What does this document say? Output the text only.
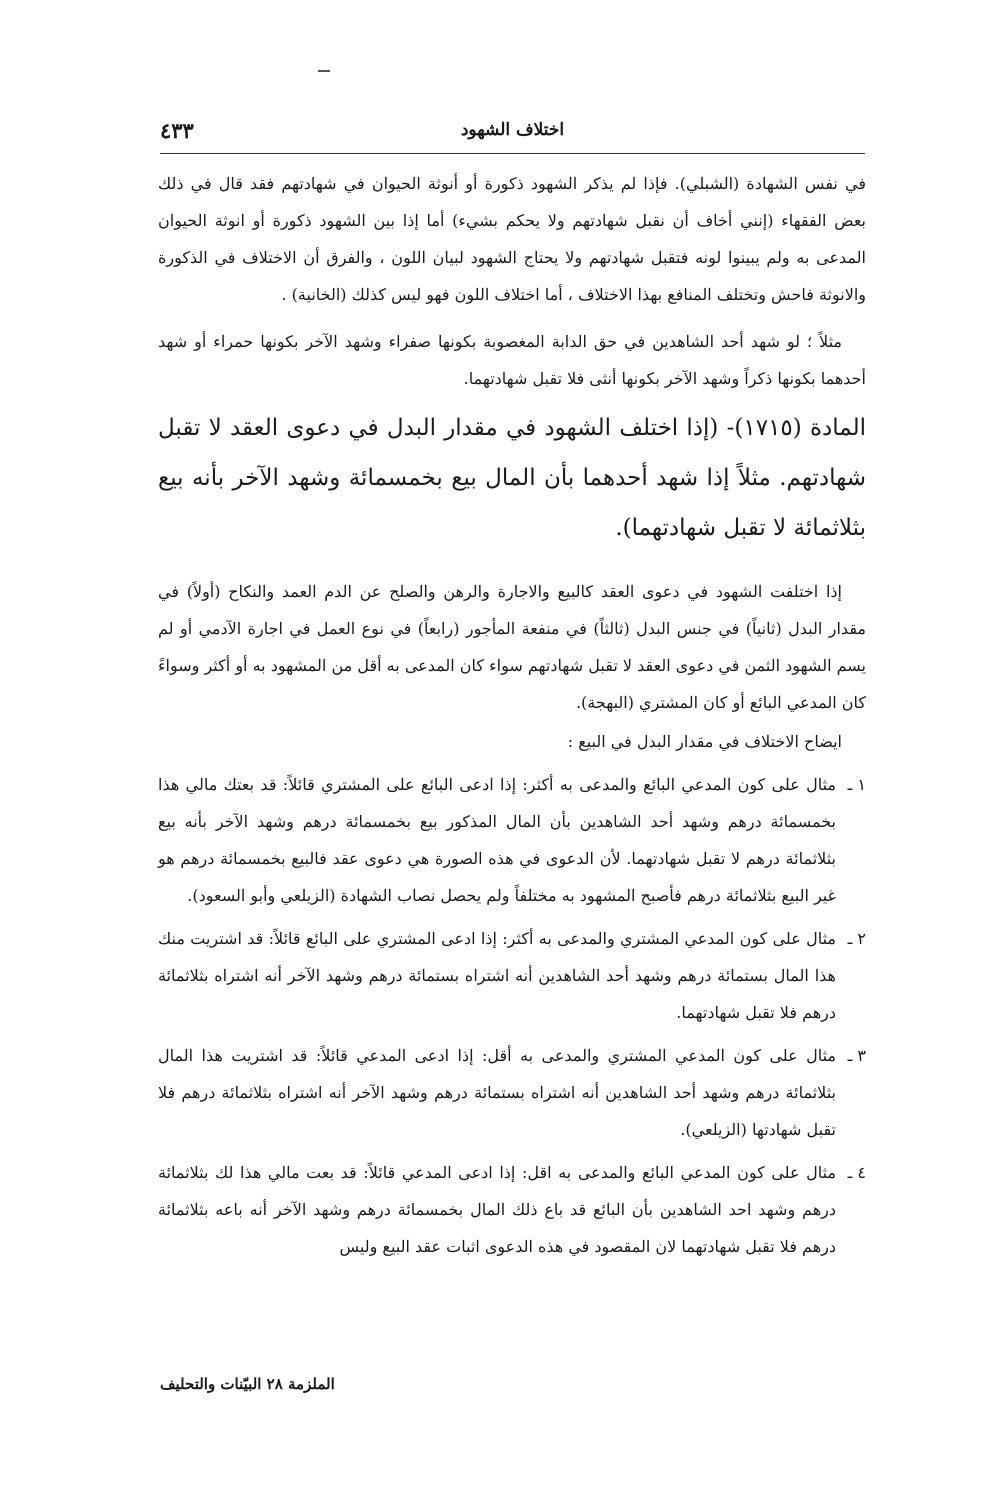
٤٣٣	اختلاف الشهود

في نفس الشهادة (الشبلي). فإذا لم يذكر الشهود ذكورة أو أنوثة الحيوان في شهادتهم فقد قال في ذلك بعض الفقهاء (إنني أخاف أن نقبل شهادتهم ولا يحكم بشيء) أما إذا بين الشهود ذكورة أو انوثة الحيوان المدعى به ولم يبينوا لونه فتقبل شهادتهم ولا يحتاج الشهود لبيان اللون ، والفرق أن الاختلاف في الذكورة والانوثة فاحش وتختلف المنافع بهذا الاختلاف ، أما اختلاف اللون فهو ليس كذلك (الخانية) .

مثلاً ؛ لو شهد أحد الشاهدين في حق الدابة المغصوبة بكونها صفراء وشهد الآخر بكونها حمراء أو شهد أحدهما بكونها ذكراً وشهد الآخر بكونها أنثى فلا تقبل شهادتهما.

المادة (١٧١٥)- (إذا اختلف الشهود في مقدار البدل في دعوى العقد لا تقبل شهادتهم. مثلاً إذا شهد أحدهما بأن المال بيع بخمسمائة وشهد الآخر بأنه بيع بثلاثمائة لا تقبل شهادتهما).

إذا اختلفت الشهود في دعوى العقد كالبيع والاجارة والرهن والصلح عن الدم العمد والنكاح (أولاً) في مقدار البدل (ثانياً) في جنس البدل (ثالثاً) في منفعة المأجور (رابعاً) في نوع العمل في اجارة الآدمي أو لم يسم الشهود الثمن في دعوى العقد لا تقبل شهادتهم سواء كان المدعى به أقل من المشهود به أو أكثر وسواءً كان المدعي البائع أو كان المشتري (البهجة).

ايضاح الاختلاف في مقدار البدل في البيع :

١ ـ
مثال على كون المدعي البائع والمدعى به أكثر: إذا ادعى البائع على المشتري قائلاً: قد بعتك مالي هذا بخمسمائة درهم وشهد أحد الشاهدين بأن المال المذكور بيع بخمسمائة درهم وشهد الآخر بأنه بيع بثلاثمائة درهم لا تقبل شهادتهما. لأن الدعوى في هذه الصورة هي دعوى عقد فالبيع بخمسمائة درهم هو غير البيع بثلاثمائة درهم فأصبح المشهود به مختلفاً ولم يحصل نصاب الشهادة (الزيلعي وأبو السعود).
٢ ـ
مثال على كون المدعي المشتري والمدعى به أكثر: إذا ادعى المشتري على البائع قائلاً: قد اشتريت منك هذا المال بستمائة درهم وشهد أحد الشاهدين أنه اشتراه بستمائة درهم وشهد الآخر أنه اشتراه بثلاثمائة درهم فلا تقبل شهادتهما.
٣ ـ
مثال على كون المدعي المشتري والمدعى به أقل: إذا ادعى المدعي قائلاً: قد اشتريت هذا المال بثلاثمائة درهم وشهد أحد الشاهدين أنه اشتراه بستمائة درهم وشهد الآخر أنه اشتراه بثلاثمائة درهم فلا تقبل شهادتها (الزيلعي).
٤ ـ
مثال على كون المدعي البائع والمدعى به اقل: إذا ادعى المدعي قائلاً: قد بعت مالي هذا لك بثلاثمائة درهم وشهد احد الشاهدين بأن البائع قد باع ذلك المال بخمسمائة درهم وشهد الآخر أنه باعه بثلاثمائة درهم فلا تقبل شهادتهما لان المقصود في هذه الدعوى اثبات عقد البيع وليس
الملزمة ٢٨ البيّنات والتحليف
